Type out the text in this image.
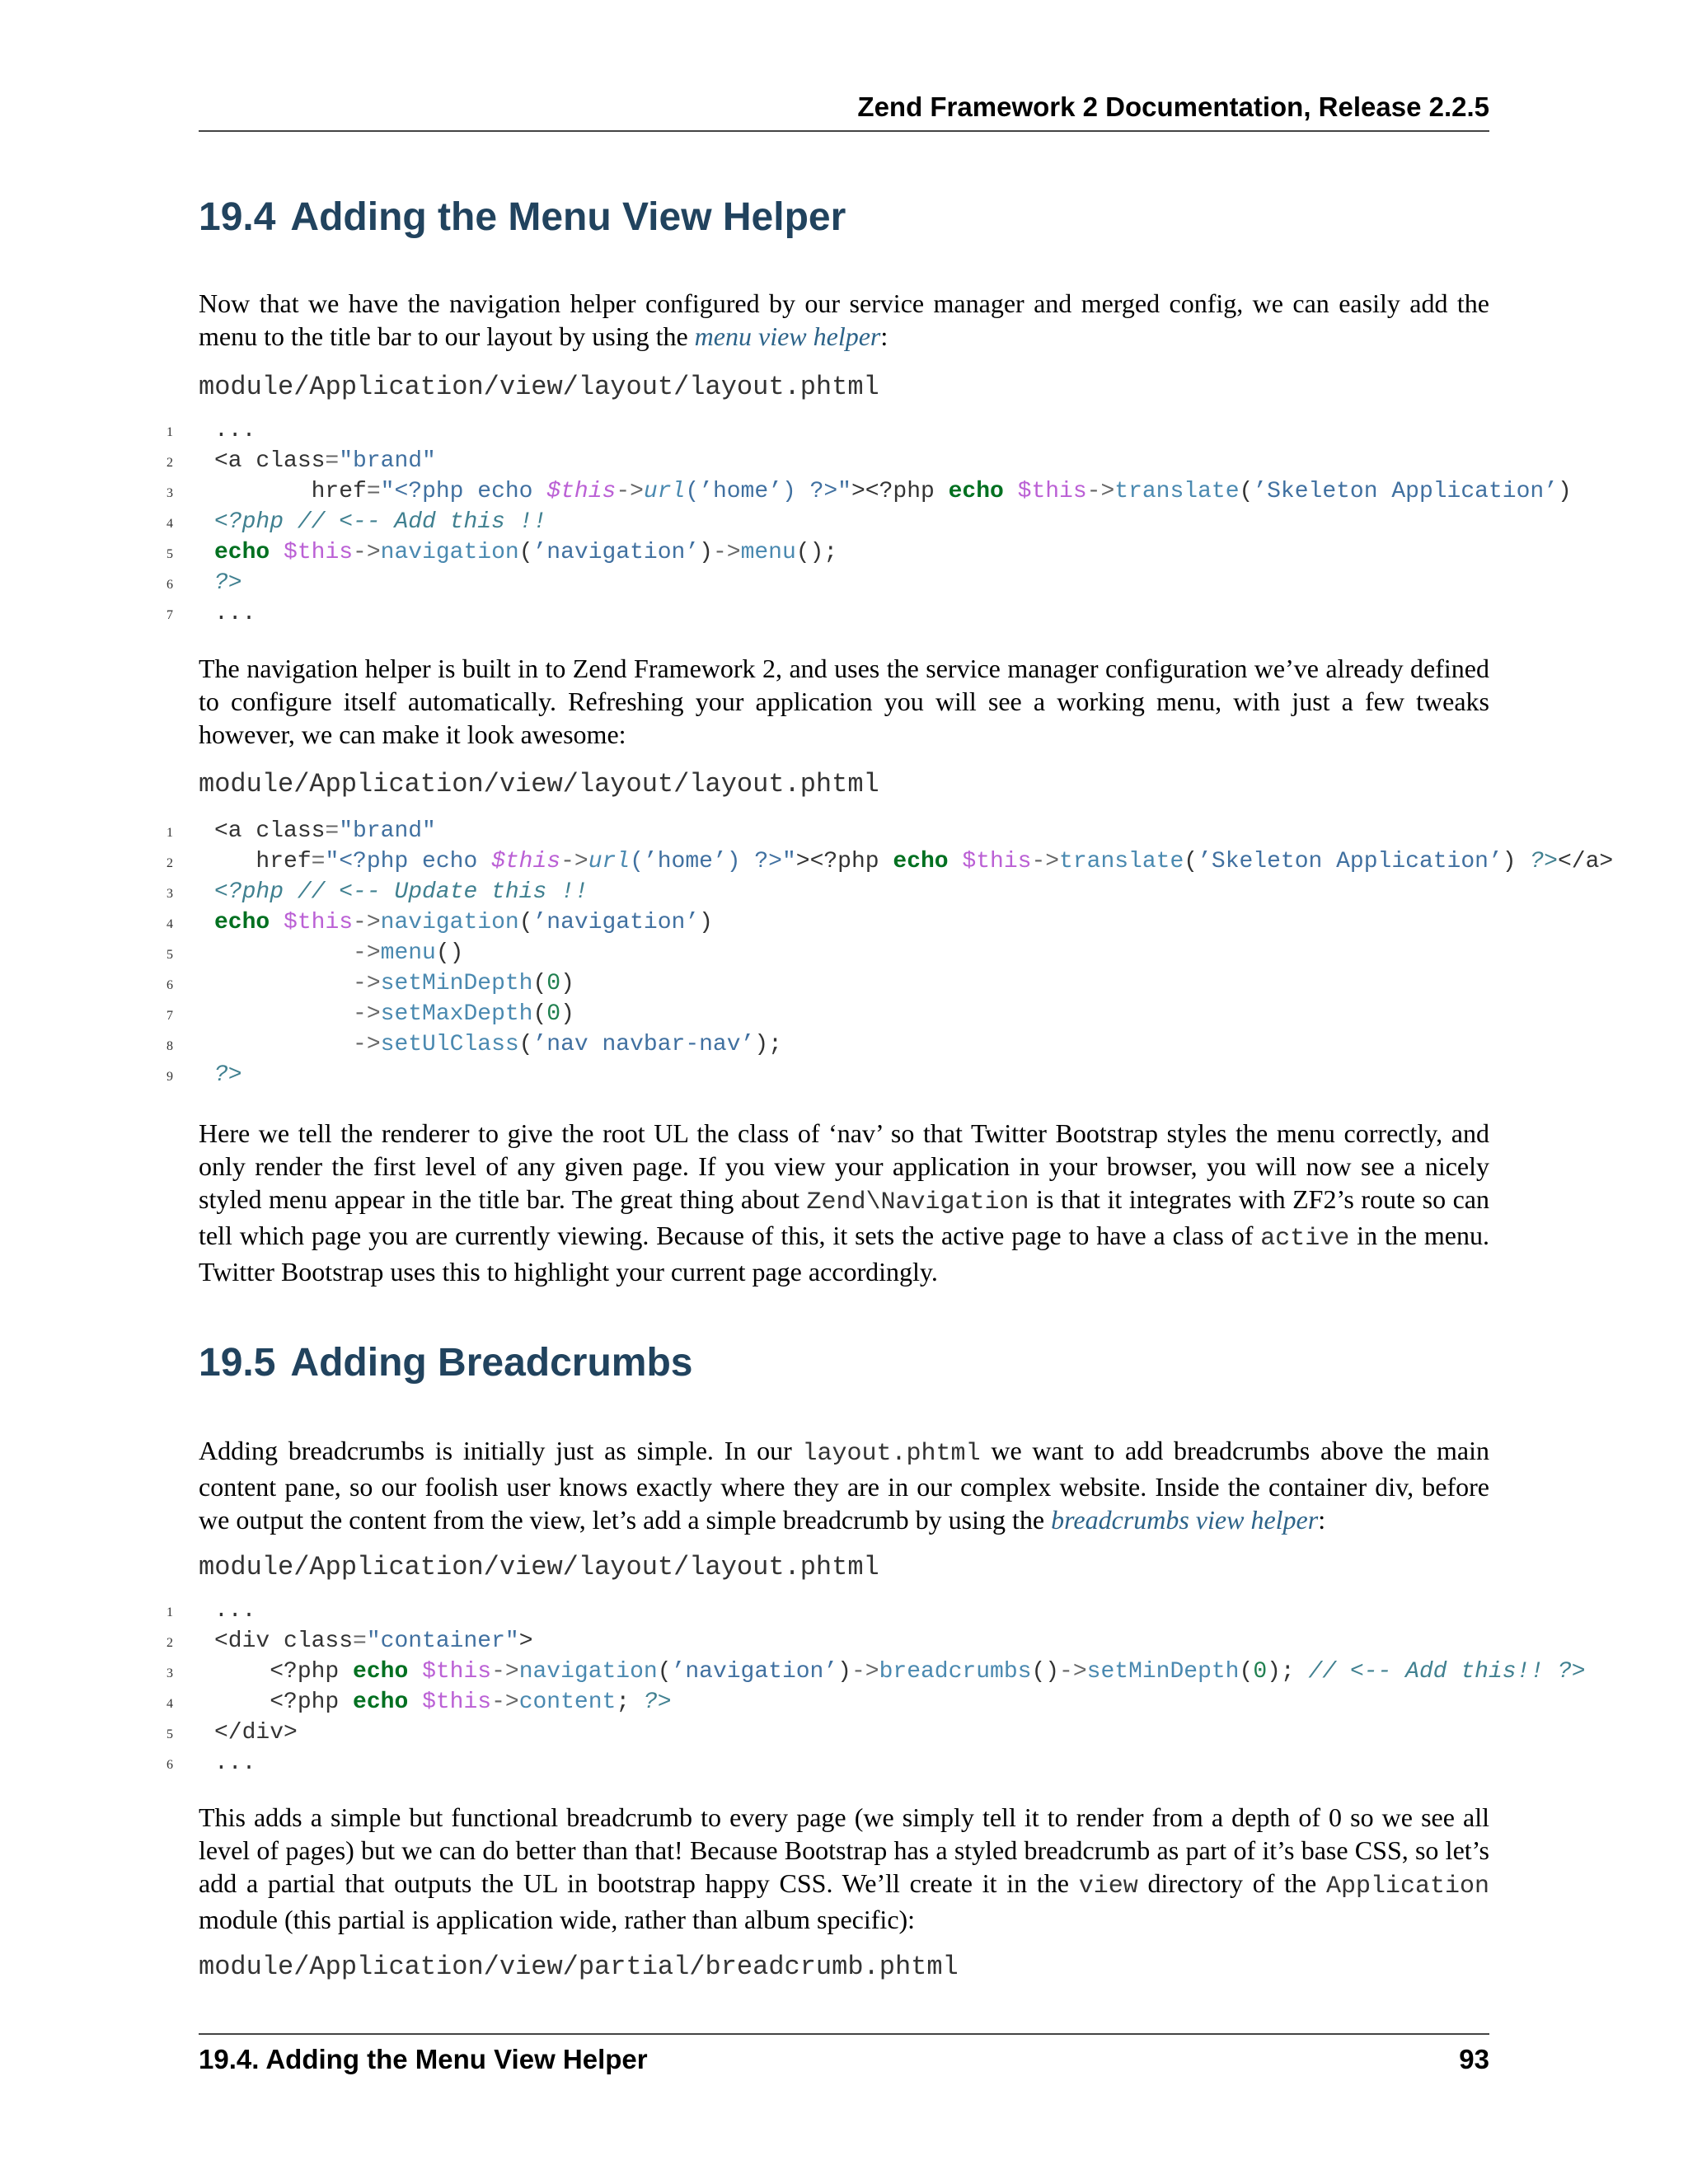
Zend Framework 2 Documentation, Release 2.2.5
19.4 Adding the Menu View Helper

Now that we have the navigation helper configured by our service manager and merged config, we can easily add the menu to the title bar to our layout by using the menu view helper:

module/Application/view/layout/layout.phtml
1 ...
2 <a class="brand"
3 href="<?php echo $this->url(’home’) ?>"><?php echo $this->translate(’Skeleton Application’)
4 <?php // <-- Add this !!
5 echo $this->navigation(’navigation’)->menu();
6 ?>
7 ...

The navigation helper is built in to Zend Framework 2, and uses the service manager configuration we’ve already defined to configure itself automatically. Refreshing your application you will see a working menu, with just a few tweaks however, we can make it look awesome:

module/Application/view/layout/layout.phtml
1 <a class="brand"
2 href="<?php echo $this->url(’home’) ?>"><?php echo $this->translate(’Skeleton Application’) ?></a>
3 <?php // <-- Update this !!
4 echo $this->navigation(’navigation’)
5	->menu()
6	->setMinDepth(0)
7	->setMaxDepth(0)
8	->setUlClass(’nav navbar-nav’);
9 ?>

Here we tell the renderer to give the root UL the class of ‘nav’ so that Twitter Bootstrap styles the menu correctly, and only render the first level of any given page. If you view your application in your browser, you will now see a nicely styled menu appear in the title bar. The great thing about Zend\Navigation is that it integrates with ZF2’s route so can tell which page you are currently viewing. Because of this, it sets the active page to have a class of active in the menu. Twitter Bootstrap uses this to highlight your current page accordingly.

19.5 Adding Breadcrumbs

Adding breadcrumbs is initially just as simple. In our layout.phtml we want to add breadcrumbs above the main content pane, so our foolish user knows exactly where they are in our complex website. Inside the container div, before we output the content from the view, let’s add a simple breadcrumb by using the breadcrumbs view helper:

module/Application/view/layout/layout.phtml
1 ...
2 <div class="container">
3 <?php echo $this->navigation(’navigation’)->breadcrumbs()->setMinDepth(0); // <-- Add this!! ?>
4 <?php echo $this->content; ?>
5 </div>
6 ...

This adds a simple but functional breadcrumb to every page (we simply tell it to render from a depth of 0 so we see all level of pages) but we can do better than that! Because Bootstrap has a styled breadcrumb as part of it’s base CSS, so let’s add a partial that outputs the UL in bootstrap happy CSS. We’ll create it in the view directory of the Application module (this partial is application wide, rather than album specific):

module/Application/view/partial/breadcrumb.phtml
19.4. Adding the Menu View Helper	93
